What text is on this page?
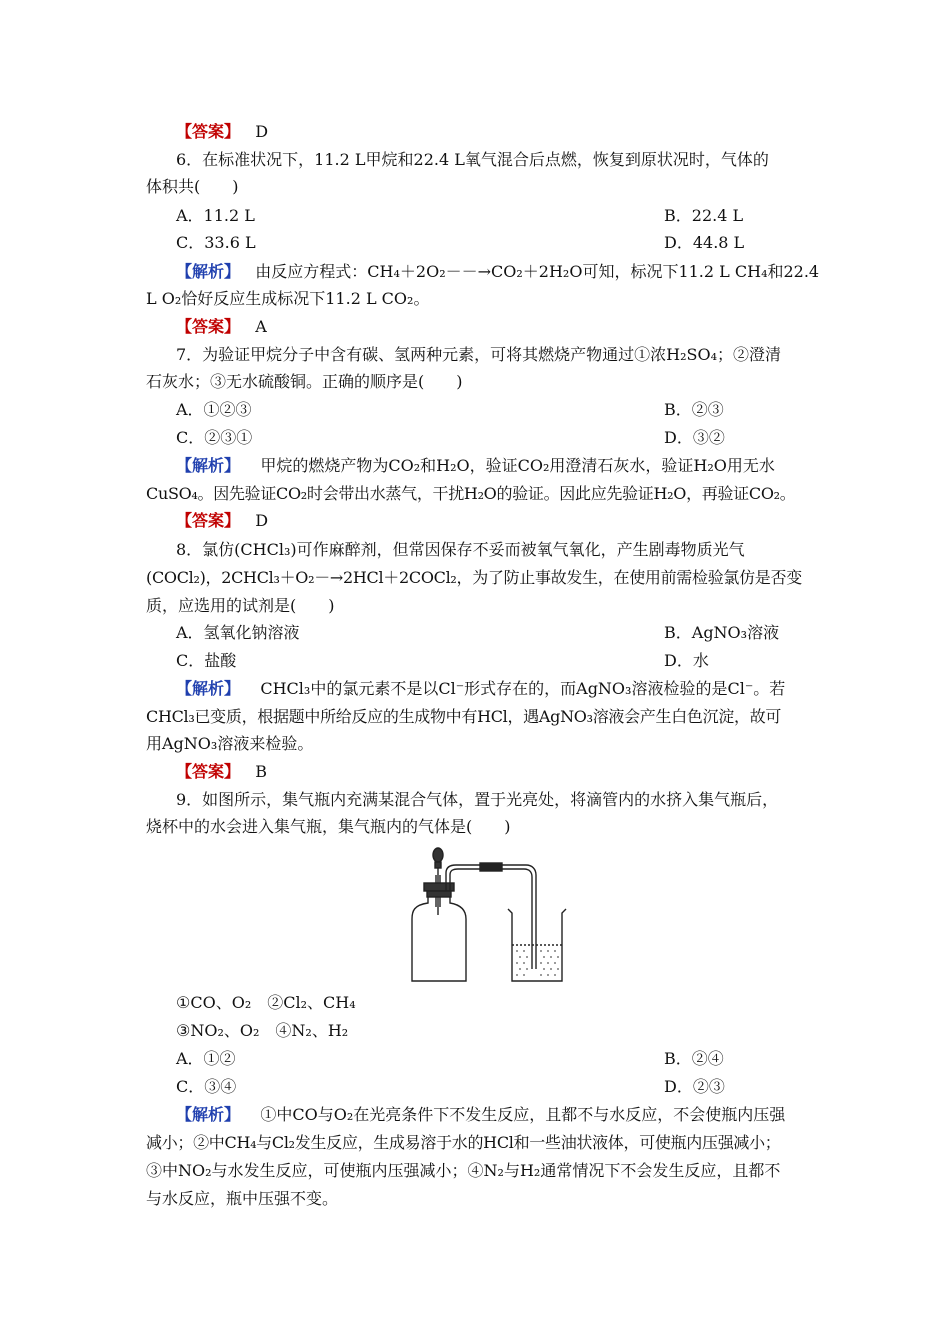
【答案】 D
6．在标准状况下，11.2 L甲烷和22.4 L氧气混合后点燃，恢复到原状况时，气体的
体积共(　　)
A．11.2 L	B．22.4 L
C．33.6 L	D．44.8 L
【解析】 由反应方程式：CH₄＋2O₂－－→CO₂＋2H₂O可知，标况下11.2 L CH₄和22.4
L O₂恰好反应生成标况下11.2 L CO₂。
【答案】 A
7．为验证甲烷分子中含有碳、氢两种元素，可将其燃烧产物通过①浓H₂SO₄；②澄清
石灰水；③无水硫酸铜。正确的顺序是(　　)
A．①②③	B．②③
C．②③①	D．③②
【解析】 甲烷的燃烧产物为CO₂和H₂O，验证CO₂用澄清石灰水，验证H₂O用无水
CuSO₄。因先验证CO₂时会带出水蒸气，干扰H₂O的验证。因此应先验证H₂O，再验证CO₂。
【答案】 D
8．氯仿(CHCl₃)可作麻醉剂，但常因保存不妥而被氧气氧化，产生剧毒物质光气
(COCl₂)，2CHCl₃＋O₂－→2HCl＋2COCl₂，为了防止事故发生，在使用前需检验氯仿是否变
质，应选用的试剂是(　　)
A．氢氧化钠溶液	B．AgNO₃溶液
C．盐酸	D．水
【解析】 CHCl₃中的氯元素不是以Cl⁻形式存在的，而AgNO₃溶液检验的是Cl⁻。若
CHCl₃已变质，根据题中所给反应的生成物中有HCl，遇AgNO₃溶液会产生白色沉淀，故可
用AgNO₃溶液来检验。
【答案】 B
9．如图所示，集气瓶内充满某混合气体，置于光亮处，将滴管内的水挤入集气瓶后，
烧杯中的水会进入集气瓶，集气瓶内的气体是(　　)
①CO、O₂　②Cl₂、CH₄
③NO₂、O₂　④N₂、H₂
A．①②	B．②④
C．③④	D．②③
【解析】 ①中CO与O₂在光亮条件下不发生反应，且都不与水反应，不会使瓶内压强
减小；②中CH₄与Cl₂发生反应，生成易溶于水的HCl和一些油状液体，可使瓶内压强减小；
③中NO₂与水发生反应，可使瓶内压强减小；④N₂与H₂通常情况下不会发生反应，且都不
与水反应，瓶中压强不变。
